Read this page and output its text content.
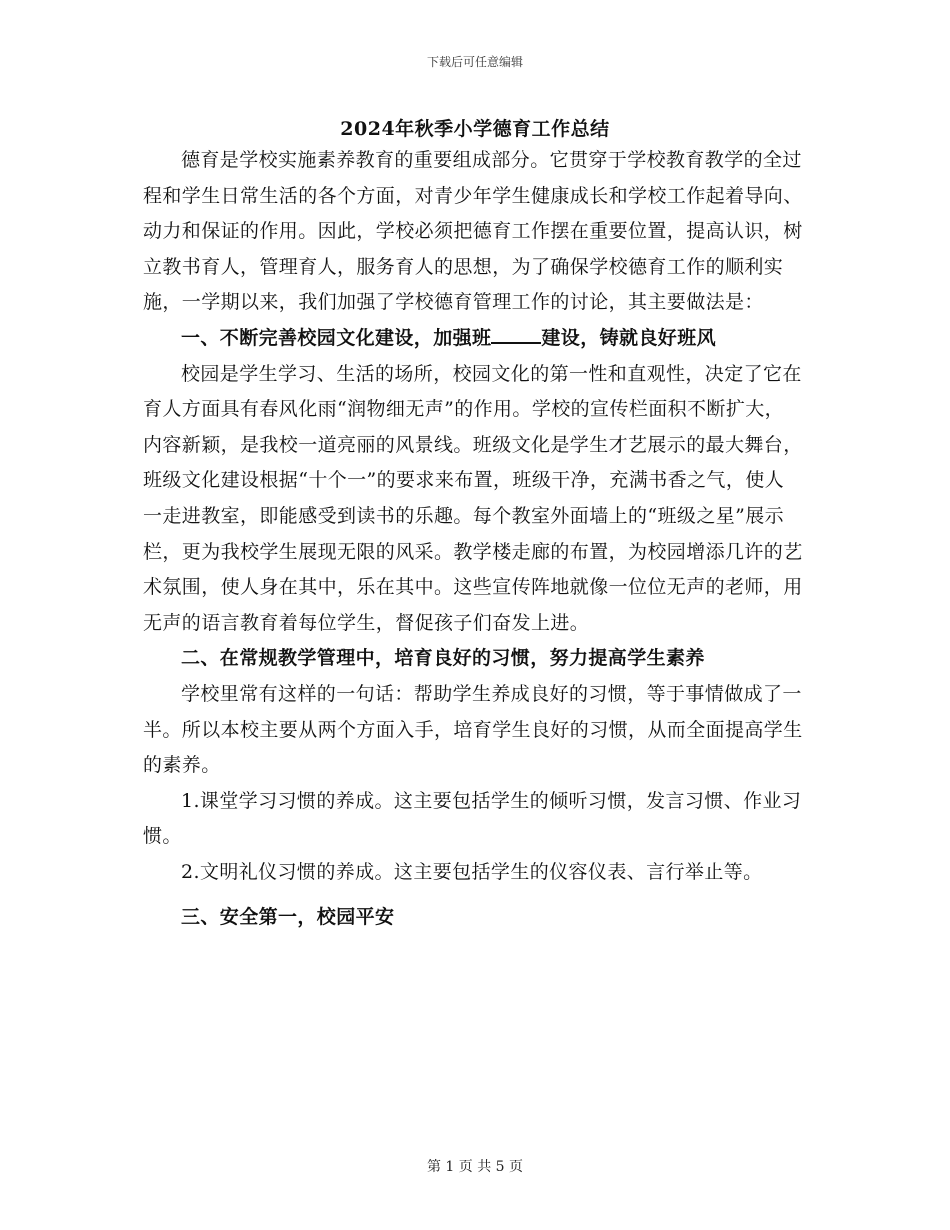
下载后可任意编辑
2024年秋季小学德育工作总结

德育是学校实施素养教育的重要组成部分。它贯穿于学校教育教学的全过程和学生日常生活的各个方面，对青少年学生健康成长和学校工作起着导向、动力和保证的作用。因此，学校必须把德育工作摆在重要位置，提高认识，树立教书育人，管理育人，服务育人的思想，为了确保学校德育工作的顺利实施，一学期以来，我们加强了学校德育管理工作的讨论，其主要做法是：

一、不断完善校园文化建设，加强班	建设，铸就良好班风

校园是学生学习、生活的场所，校园文化的第一性和直观性，决定了它在育人方面具有春风化雨“润物细无声”的作用。学校的宣传栏面积不断扩大，内容新颖，是我校一道亮丽的风景线。班级文化是学生才艺展示的最大舞台，班级文化建设根据“十个一”的要求来布置，班级干净，充满书香之气，使人一走进教室，即能感受到读书的乐趣。每个教室外面墙上的“班级之星”展示栏，更为我校学生展现无限的风采。教学楼走廊的布置，为校园增添几许的艺术氛围，使人身在其中，乐在其中。这些宣传阵地就像一位位无声的老师，用无声的语言教育着每位学生，督促孩子们奋发上进。

二、在常规教学管理中，培育良好的习惯，努力提高学生素养

学校里常有这样的一句话：帮助学生养成良好的习惯，等于事情做成了一半。所以本校主要从两个方面入手，培育学生良好的习惯，从而全面提高学生的素养。

1.课堂学习习惯的养成。这主要包括学生的倾听习惯，发言习惯、作业习惯。

2.文明礼仪习惯的养成。这主要包括学生的仪容仪表、言行举止等。

三、安全第一，校园平安

第 1 页 共 5 页
